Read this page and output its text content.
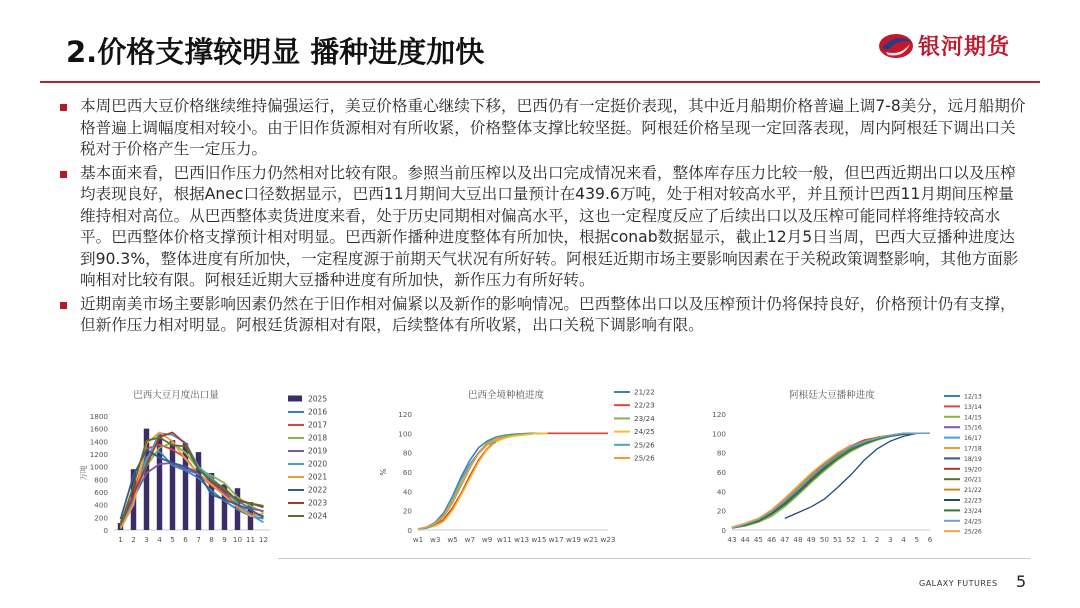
2.价格支撑较明显 播种进度加快	银河期货
本周巴西大豆价格继续维持偏强运行，美豆价格重心继续下移，巴西仍有一定挺价表现，其中近月船期价格普遍上调7-8美分，远月船期价格普遍上调幅度相对较小。由于旧作货源相对有所收紧，价格整体支撑比较坚挺。阿根廷价格呈现一定回落表现，周内阿根廷下调出口关税对于价格产生一定压力。
基本面来看，巴西旧作压力仍然相对比较有限。参照当前压榨以及出口完成情况来看，整体库存压力比较一般，但巴西近期出口以及压榨均表现良好，根据Anec口径数据显示，巴西11月期间大豆出口量预计在439.6万吨，处于相对较高水平，并且预计巴西11月期间压榨量维持相对高位。从巴西整体卖货进度来看，处于历史同期相对偏高水平，这也一定程度反应了后续出口以及压榨可能同样将维持较高水平。巴西整体价格支撑预计相对明显。巴西新作播种进度整体有所加快，根据conab数据显示，截止12月5日当周，巴西大豆播种进度达到90.3%，整体进度有所加快，一定程度源于前期天气状况有所好转。阿根廷近期市场主要影响因素在于关税政策调整影响，其他方面影响相对比较有限。阿根廷近期大豆播种进度有所加快，新作压力有所好转。
近期南美市场主要影响因素仍然在于旧作相对偏紧以及新作的影响情况。巴西整体出口以及压榨预计仍将保持良好，价格预计仍有支撑，但新作压力相对明显。阿根廷货源相对有限，后续整体有所收紧，出口关税下调影响有限。
巴西大豆月度出口量
0
200
400
600
800
1000
1200
1400
1600
1800
万吨
1 2 3 4 5 6 7 8 9 10 11 12
2025
2016
2017
2018
2019
2020
2021
2022
2023
2024
巴西全境种植进度
0
20
40
60
80
100
120
%
w1 w3 w5 w7 w9 w11 w13 w15 w17 w19 w21 w23
21/22
22/23
23/24
24/25
25/26
25/26
阿根廷大豆播种进度
0
20
40
60
80
100
120
43 44 45 46 47 48 49 50 51 52 1 2 3 4 5 6
12/13
13/14
14/15
15/16
16/17
17/18
18/19
19/20
20/21
21/22
22/23
23/24
24/25
25/26
GALAXY FUTURES 5
